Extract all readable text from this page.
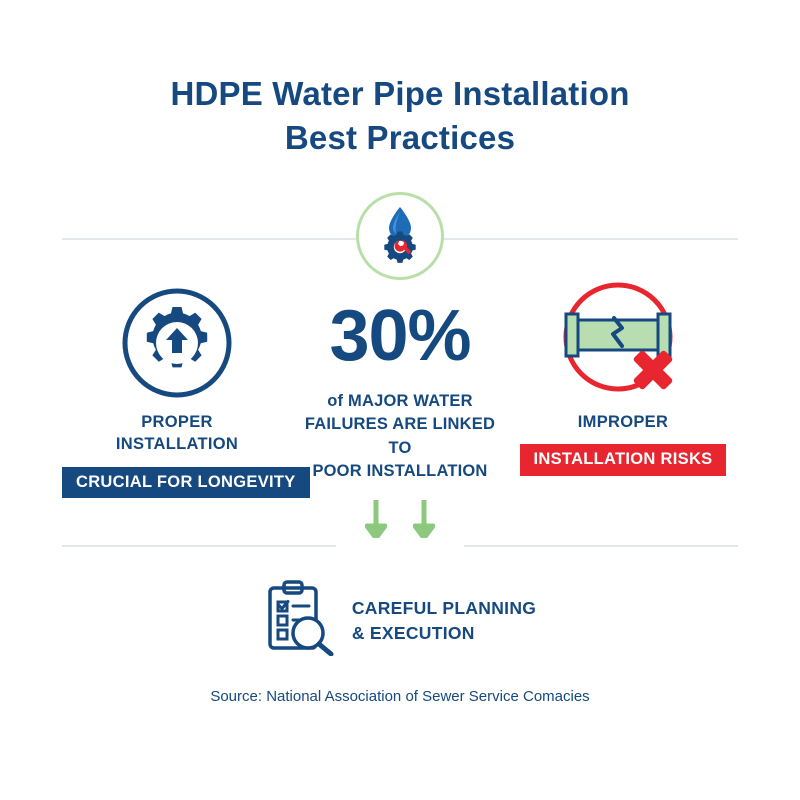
HDPE Water Pipe Installation
Best Practices
PROPER
INSTALLATION
CRUCIAL FOR LONGEVITY
30%
of MAJOR WATER
FAILURES ARE LINKED TO
POOR INSTALLATION
IMPROPER
INSTALLATION RISKS
CAREFUL PLANNING
& EXECUTION
Source: National Association of Sewer Service Comacies
